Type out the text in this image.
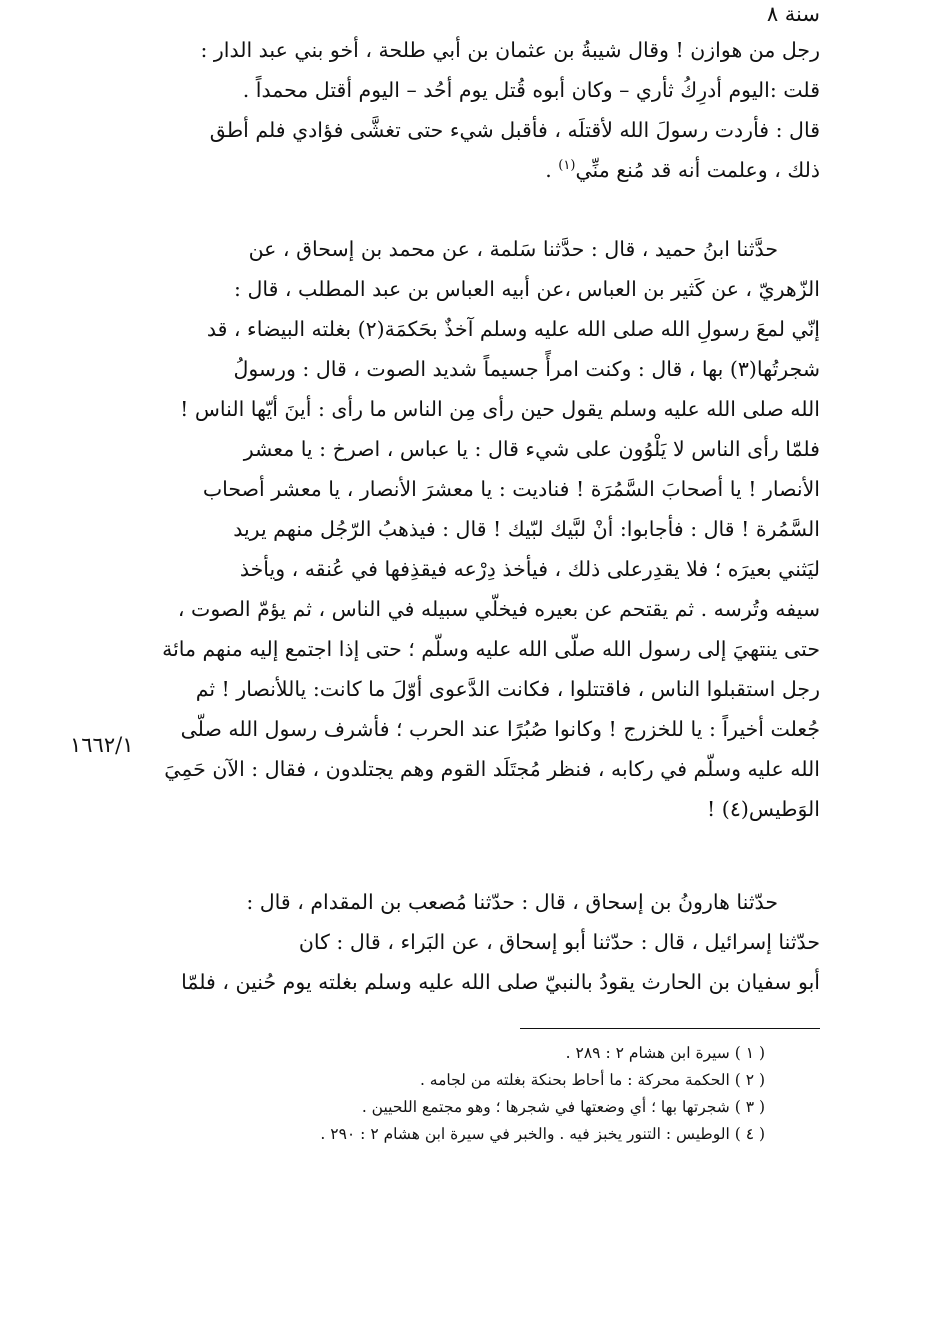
سنة ٨
رجل من هوازن ! وقال شيبةُ بن عثمان بن أبي طلحة ، أخو بني عبد الدار :
قلت :اليوم أدرِكُ ثأري – وكان أبوه قُتل يوم أحُد – اليوم أقتل محمداً .
قال : فأردت رسولَ الله لأقتلَه ، فأقبل شيء حتى تغشَّى فؤادي فلم أطق
ذلك ، وعلمت أنه قد مُنع منِّي$^{(١)}$ .
حدَّثنا ابنُ حميد ، قال : حدَّثنا سَلمة ، عن محمد بن إسحاق ، عن
الزّهريّ ، عن كَثير بن العباس ،عن أبيه العباس بن عبد المطلب ، قال :
إنّي لمعَ رسولِ الله صلى الله عليه وسلم آخذٌ بحَكمَة(٢) بغلته البيضاء ، قد
شجرتُها(٣) بها ، قال : وكنت امرأً جسيماً شديد الصوت ، قال : ورسولُ
الله صلى الله عليه وسلم يقول حين رأى مِن الناس ما رأى : أينَ أيّها الناس !
فلمّا رأى الناس لا يَلْوُون على شيء قال : يا عباس ، اصرخ : يا معشر
الأنصار ! يا أصحابَ السَّمُرَة ! فناديت : يا معشرَ الأنصار ، يا معشر أصحاب
السَّمُرة ! قال : فأجابوا: أنْ لبَّيك لبّيك ! قال : فيذهبُ الرّجُل منهم يريد
ليَثني بعيرَه ؛ فلا يقدِرعلى ذلك ، فيأخذ دِرْعه فيقذِفها في عُنقه ، ويأخذ
سيفه وتُرسه . ثم يقتحم عن بعيره فيخلّي سبيله في الناس ، ثم يؤمّ الصوت ،
حتى ينتهيَ إلى رسول الله صلّى الله عليه وسلّم ؛ حتى إذا اجتمع إليه منهم مائة
رجل استقبلوا الناس ، فاقتتلوا ، فكانت الدَّعوى أوّلَ ما كانت: ياللأنصار ! ثم
جُعلت أخيراً : يا للخزرج ! وكانوا صُبُرًا عند الحرب ؛ فأشرف رسول الله صلّى
الله عليه وسلّم في ركابه ، فنظر مُجتَلَد القوم وهم يجتلدون ، فقال : الآن حَمِيَ
الوَطيس(٤) !
١٦٦٢/١
حدّثنا هارونُ بن إسحاق ، قال : حدّثنا مُصعب بن المقدام ، قال :
حدّثنا إسرائيل ، قال : حدّثنا أبو إسحاق ، عن البَراء ، قال : كان
أبو سفيان بن الحارث يقودُ بالنبيّ صلى الله عليه وسلم بغلته يوم حُنين ، فلمّا

( ١ ) سيرة ابن هشام ٢ : ٢٨٩ .

( ٢ ) الحكمة محركة : ما أحاط بحنكة بغلته من لجامه .

( ٣ ) شجرتها بها ؛ أي وضعتها في شجرها ؛ وهو مجتمع اللحيين .

( ٤ ) الوطيس : التنور يخبز فيه . والخبر في سيرة ابن هشام ٢ : ٢٩٠ .
